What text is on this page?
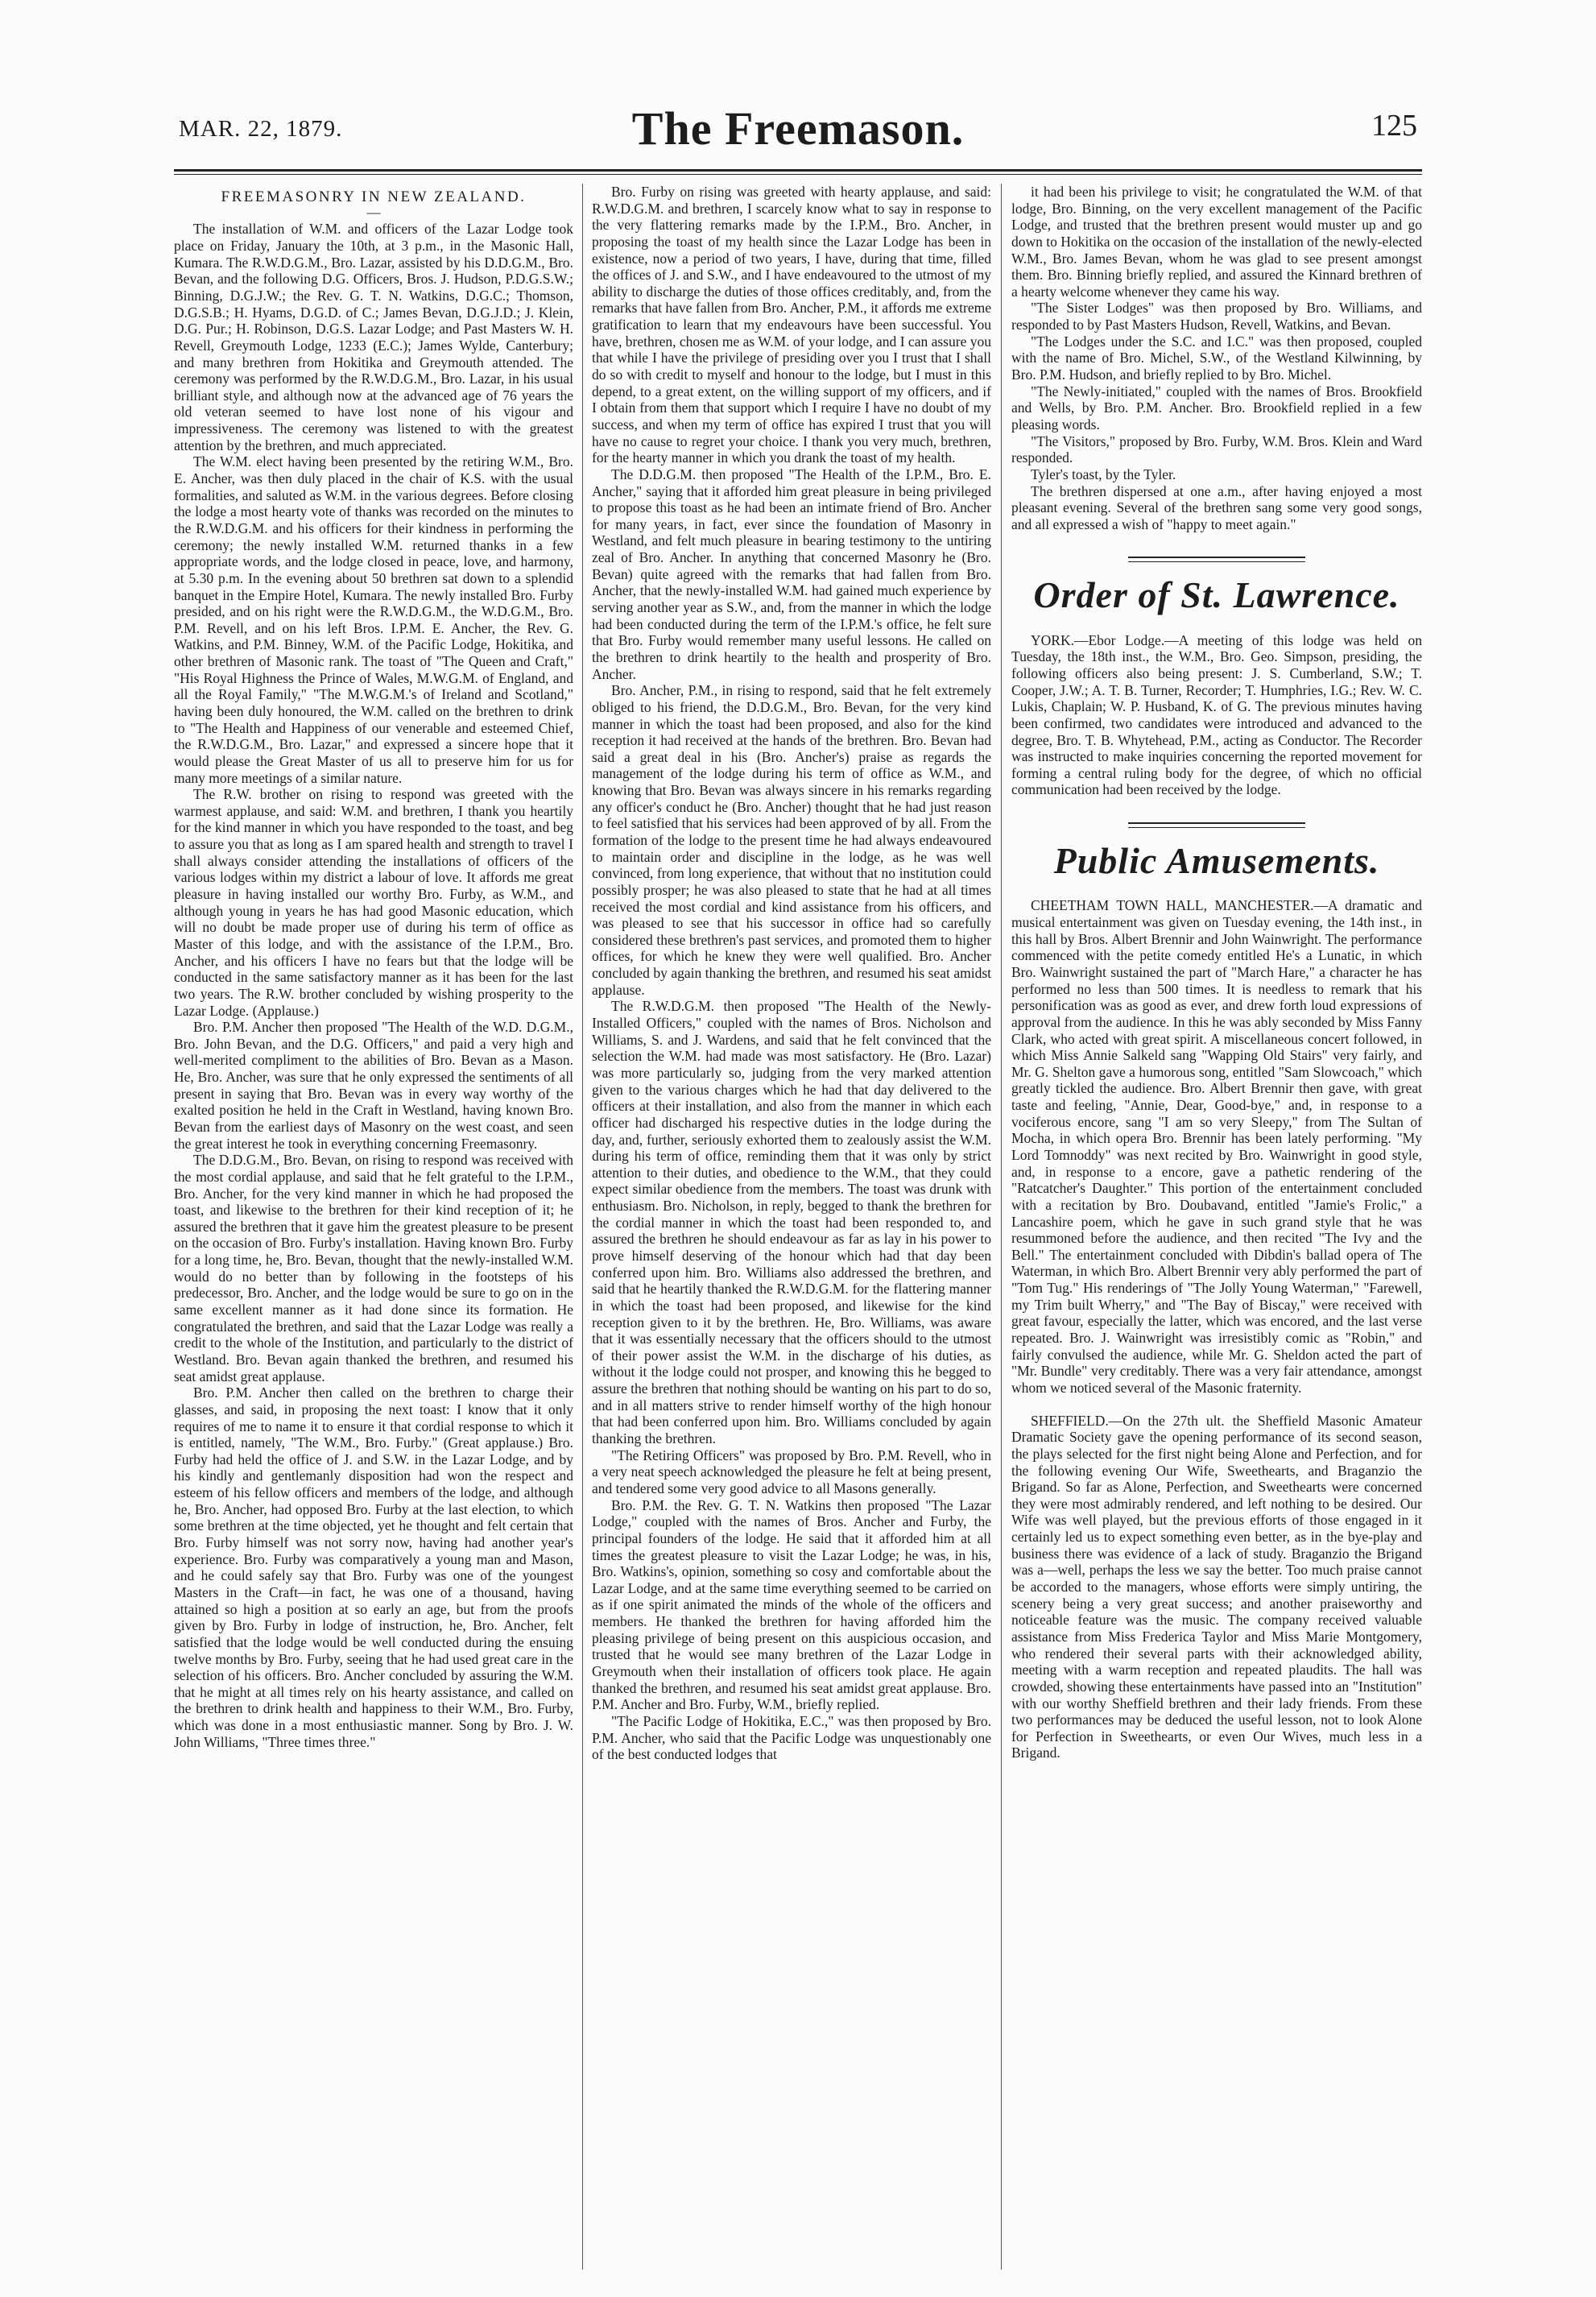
MAR. 22, 1879.	The Freemason.	125
FREEMASONRY IN NEW ZEALAND.
—

The installation of W.M. and officers of the Lazar Lodge took place on Friday, January the 10th, at 3 p.m., in the Masonic Hall, Kumara. The R.W.D.G.M., Bro. Lazar, assisted by his D.D.G.M., Bro. Bevan, and the following D.G. Officers, Bros. J. Hudson, P.D.G.S.W.; Binning, D.G.J.W.; the Rev. G. T. N. Watkins, D.G.C.; Thomson, D.G.S.B.; H. Hyams, D.G.D. of C.; James Bevan, D.G.J.D.; J. Klein, D.G. Pur.; H. Robinson, D.G.S. Lazar Lodge; and Past Masters W. H. Revell, Greymouth Lodge, 1233 (E.C.); James Wylde, Canterbury; and many brethren from Hokitika and Greymouth attended. The ceremony was performed by the R.W.D.G.M., Bro. Lazar, in his usual brilliant style, and although now at the advanced age of 76 years the old veteran seemed to have lost none of his vigour and impressiveness. The ceremony was listened to with the greatest attention by the brethren, and much appreciated.

The W.M. elect having been presented by the retiring W.M., Bro. E. Ancher, was then duly placed in the chair of K.S. with the usual formalities, and saluted as W.M. in the various degrees. Before closing the lodge a most hearty vote of thanks was recorded on the minutes to the R.W.D.G.M. and his officers for their kindness in performing the ceremony; the newly installed W.M. returned thanks in a few appropriate words, and the lodge closed in peace, love, and harmony, at 5.30 p.m. In the evening about 50 brethren sat down to a splendid banquet in the Empire Hotel, Kumara. The newly installed Bro. Furby presided, and on his right were the R.W.D.G.M., the W.D.G.M., Bro. P.M. Revell, and on his left Bros. I.P.M. E. Ancher, the Rev. G. Watkins, and P.M. Binney, W.M. of the Pacific Lodge, Hokitika, and other brethren of Masonic rank. The toast of "The Queen and Craft," "His Royal Highness the Prince of Wales, M.W.G.M. of England, and all the Royal Family," "The M.W.G.M.'s of Ireland and Scotland," having been duly honoured, the W.M. called on the brethren to drink to "The Health and Happiness of our venerable and esteemed Chief, the R.W.D.G.M., Bro. Lazar," and expressed a sincere hope that it would please the Great Master of us all to preserve him for us for many more meetings of a similar nature.

The R.W. brother on rising to respond was greeted with the warmest applause, and said: W.M. and brethren, I thank you heartily for the kind manner in which you have responded to the toast, and beg to assure you that as long as I am spared health and strength to travel I shall always consider attending the installations of officers of the various lodges within my district a labour of love. It affords me great pleasure in having installed our worthy Bro. Furby, as W.M., and although young in years he has had good Masonic education, which will no doubt be made proper use of during his term of office as Master of this lodge, and with the assistance of the I.P.M., Bro. Ancher, and his officers I have no fears but that the lodge will be conducted in the same satisfactory manner as it has been for the last two years. The R.W. brother concluded by wishing prosperity to the Lazar Lodge. (Applause.)

Bro. P.M. Ancher then proposed "The Health of the W.D. D.G.M., Bro. John Bevan, and the D.G. Officers," and paid a very high and well-merited compliment to the abilities of Bro. Bevan as a Mason. He, Bro. Ancher, was sure that he only expressed the sentiments of all present in saying that Bro. Bevan was in every way worthy of the exalted position he held in the Craft in Westland, having known Bro. Bevan from the earliest days of Masonry on the west coast, and seen the great interest he took in everything concerning Freemasonry.

The D.D.G.M., Bro. Bevan, on rising to respond was received with the most cordial applause, and said that he felt grateful to the I.P.M., Bro. Ancher, for the very kind manner in which he had proposed the toast, and likewise to the brethren for their kind reception of it; he assured the brethren that it gave him the greatest pleasure to be present on the occasion of Bro. Furby's installation. Having known Bro. Furby for a long time, he, Bro. Bevan, thought that the newly-installed W.M. would do no better than by following in the footsteps of his predecessor, Bro. Ancher, and the lodge would be sure to go on in the same excellent manner as it had done since its formation. He congratulated the brethren, and said that the Lazar Lodge was really a credit to the whole of the Institution, and particularly to the district of Westland. Bro. Bevan again thanked the brethren, and resumed his seat amidst great applause.

Bro. P.M. Ancher then called on the brethren to charge their glasses, and said, in proposing the next toast: I know that it only requires of me to name it to ensure it that cordial response to which it is entitled, namely, "The W.M., Bro. Furby." (Great applause.) Bro. Furby had held the office of J. and S.W. in the Lazar Lodge, and by his kindly and gentlemanly disposition had won the respect and esteem of his fellow officers and members of the lodge, and although he, Bro. Ancher, had opposed Bro. Furby at the last election, to which some brethren at the time objected, yet he thought and felt certain that Bro. Furby himself was not sorry now, having had another year's experience. Bro. Furby was comparatively a young man and Mason, and he could safely say that Bro. Furby was one of the youngest Masters in the Craft—in fact, he was one of a thousand, having attained so high a position at so early an age, but from the proofs given by Bro. Furby in lodge of instruction, he, Bro. Ancher, felt satisfied that the lodge would be well conducted during the ensuing twelve months by Bro. Furby, seeing that he had used great care in the selection of his officers. Bro. Ancher concluded by assuring the W.M. that he might at all times rely on his hearty assistance, and called on the brethren to drink health and happiness to their W.M., Bro. Furby, which was done in a most enthusiastic manner. Song by Bro. J. W. John Williams, "Three times three."

Bro. Furby on rising was greeted with hearty applause, and said: R.W.D.G.M. and brethren, I scarcely know what to say in response to the very flattering remarks made by the I.P.M., Bro. Ancher, in proposing the toast of my health since the Lazar Lodge has been in existence, now a period of two years, I have, during that time, filled the offices of J. and S.W., and I have endeavoured to the utmost of my ability to discharge the duties of those offices creditably, and, from the remarks that have fallen from Bro. Ancher, P.M., it affords me extreme gratification to learn that my endeavours have been successful. You have, brethren, chosen me as W.M. of your lodge, and I can assure you that while I have the privilege of presiding over you I trust that I shall do so with credit to myself and honour to the lodge, but I must in this depend, to a great extent, on the willing support of my officers, and if I obtain from them that support which I require I have no doubt of my success, and when my term of office has expired I trust that you will have no cause to regret your choice. I thank you very much, brethren, for the hearty manner in which you drank the toast of my health.

The D.D.G.M. then proposed "The Health of the I.P.M., Bro. E. Ancher," saying that it afforded him great pleasure in being privileged to propose this toast as he had been an intimate friend of Bro. Ancher for many years, in fact, ever since the foundation of Masonry in Westland, and felt much pleasure in bearing testimony to the untiring zeal of Bro. Ancher. In anything that concerned Masonry he (Bro. Bevan) quite agreed with the remarks that had fallen from Bro. Ancher, that the newly-installed W.M. had gained much experience by serving another year as S.W., and, from the manner in which the lodge had been conducted during the term of the I.P.M.'s office, he felt sure that Bro. Furby would remember many useful lessons. He called on the brethren to drink heartily to the health and prosperity of Bro. Ancher.

Bro. Ancher, P.M., in rising to respond, said that he felt extremely obliged to his friend, the D.D.G.M., Bro. Bevan, for the very kind manner in which the toast had been proposed, and also for the kind reception it had received at the hands of the brethren. Bro. Bevan had said a great deal in his (Bro. Ancher's) praise as regards the management of the lodge during his term of office as W.M., and knowing that Bro. Bevan was always sincere in his remarks regarding any officer's conduct he (Bro. Ancher) thought that he had just reason to feel satisfied that his services had been approved of by all. From the formation of the lodge to the present time he had always endeavoured to maintain order and discipline in the lodge, as he was well convinced, from long experience, that without that no institution could possibly prosper; he was also pleased to state that he had at all times received the most cordial and kind assistance from his officers, and was pleased to see that his successor in office had so carefully considered these brethren's past services, and promoted them to higher offices, for which he knew they were well qualified. Bro. Ancher concluded by again thanking the brethren, and resumed his seat amidst applause.

The R.W.D.G.M. then proposed "The Health of the Newly-Installed Officers," coupled with the names of Bros. Nicholson and Williams, S. and J. Wardens, and said that he felt convinced that the selection the W.M. had made was most satisfactory. He (Bro. Lazar) was more particularly so, judging from the very marked attention given to the various charges which he had that day delivered to the officers at their installation, and also from the manner in which each officer had discharged his respective duties in the lodge during the day, and, further, seriously exhorted them to zealously assist the W.M. during his term of office, reminding them that it was only by strict attention to their duties, and obedience to the W.M., that they could expect similar obedience from the members. The toast was drunk with enthusiasm. Bro. Nicholson, in reply, begged to thank the brethren for the cordial manner in which the toast had been responded to, and assured the brethren he should endeavour as far as lay in his power to prove himself deserving of the honour which had that day been conferred upon him. Bro. Williams also addressed the brethren, and said that he heartily thanked the R.W.D.G.M. for the flattering manner in which the toast had been proposed, and likewise for the kind reception given to it by the brethren. He, Bro. Williams, was aware that it was essentially necessary that the officers should to the utmost of their power assist the W.M. in the discharge of his duties, as without it the lodge could not prosper, and knowing this he begged to assure the brethren that nothing should be wanting on his part to do so, and in all matters strive to render himself worthy of the high honour that had been conferred upon him. Bro. Williams concluded by again thanking the brethren.

"The Retiring Officers" was proposed by Bro. P.M. Revell, who in a very neat speech acknowledged the pleasure he felt at being present, and tendered some very good advice to all Masons generally.

Bro. P.M. the Rev. G. T. N. Watkins then proposed "The Lazar Lodge," coupled with the names of Bros. Ancher and Furby, the principal founders of the lodge. He said that it afforded him at all times the greatest pleasure to visit the Lazar Lodge; he was, in his, Bro. Watkins's, opinion, something so cosy and comfortable about the Lazar Lodge, and at the same time everything seemed to be carried on as if one spirit animated the minds of the whole of the officers and members. He thanked the brethren for having afforded him the pleasing privilege of being present on this auspicious occasion, and trusted that he would see many brethren of the Lazar Lodge in Greymouth when their installation of officers took place. He again thanked the brethren, and resumed his seat amidst great applause. Bro. P.M. Ancher and Bro. Furby, W.M., briefly replied.

"The Pacific Lodge of Hokitika, E.C.," was then proposed by Bro. P.M. Ancher, who said that the Pacific Lodge was unquestionably one of the best conducted lodges that

it had been his privilege to visit; he congratulated the W.M. of that lodge, Bro. Binning, on the very excellent management of the Pacific Lodge, and trusted that the brethren present would muster up and go down to Hokitika on the occasion of the installation of the newly-elected W.M., Bro. James Bevan, whom he was glad to see present amongst them. Bro. Binning briefly replied, and assured the Kinnard brethren of a hearty welcome whenever they came his way.

"The Sister Lodges" was then proposed by Bro. Williams, and responded to by Past Masters Hudson, Revell, Watkins, and Bevan.

"The Lodges under the S.C. and I.C." was then proposed, coupled with the name of Bro. Michel, S.W., of the Westland Kilwinning, by Bro. P.M. Hudson, and briefly replied to by Bro. Michel.

"The Newly-initiated," coupled with the names of Bros. Brookfield and Wells, by Bro. P.M. Ancher. Bro. Brookfield replied in a few pleasing words.

"The Visitors," proposed by Bro. Furby, W.M. Bros. Klein and Ward responded.

Tyler's toast, by the Tyler.

The brethren dispersed at one a.m., after having enjoyed a most pleasant evening. Several of the brethren sang some very good songs, and all expressed a wish of "happy to meet again."

Order of St. Lawrence.

YORK.—Ebor Lodge.—A meeting of this lodge was held on Tuesday, the 18th inst., the W.M., Bro. Geo. Simpson, presiding, the following officers also being present: J. S. Cumberland, S.W.; T. Cooper, J.W.; A. T. B. Turner, Recorder; T. Humphries, I.G.; Rev. W. C. Lukis, Chaplain; W. P. Husband, K. of G. The previous minutes having been confirmed, two candidates were introduced and advanced to the degree, Bro. T. B. Whytehead, P.M., acting as Conductor. The Recorder was instructed to make inquiries concerning the reported movement for forming a central ruling body for the degree, of which no official communication had been received by the lodge.

Public Amusements.

CHEETHAM TOWN HALL, MANCHESTER.—A dramatic and musical entertainment was given on Tuesday evening, the 14th inst., in this hall by Bros. Albert Brennir and John Wainwright. The performance commenced with the petite comedy entitled He's a Lunatic, in which Bro. Wainwright sustained the part of "March Hare," a character he has performed no less than 500 times. It is needless to remark that his personification was as good as ever, and drew forth loud expressions of approval from the audience. In this he was ably seconded by Miss Fanny Clark, who acted with great spirit. A miscellaneous concert followed, in which Miss Annie Salkeld sang "Wapping Old Stairs" very fairly, and Mr. G. Shelton gave a humorous song, entitled "Sam Slowcoach," which greatly tickled the audience. Bro. Albert Brennir then gave, with great taste and feeling, "Annie, Dear, Good-bye," and, in response to a vociferous encore, sang "I am so very Sleepy," from The Sultan of Mocha, in which opera Bro. Brennir has been lately performing. "My Lord Tomnoddy" was next recited by Bro. Wainwright in good style, and, in response to a encore, gave a pathetic rendering of the "Ratcatcher's Daughter." This portion of the entertainment concluded with a recitation by Bro. Doubavand, entitled "Jamie's Frolic," a Lancashire poem, which he gave in such grand style that he was resummoned before the audience, and then recited "The Ivy and the Bell." The entertainment concluded with Dibdin's ballad opera of The Waterman, in which Bro. Albert Brennir very ably performed the part of "Tom Tug." His renderings of "The Jolly Young Waterman," "Farewell, my Trim built Wherry," and "The Bay of Biscay," were received with great favour, especially the latter, which was encored, and the last verse repeated. Bro. J. Wainwright was irresistibly comic as "Robin," and fairly convulsed the audience, while Mr. G. Sheldon acted the part of "Mr. Bundle" very creditably. There was a very fair attendance, amongst whom we noticed several of the Masonic fraternity.

SHEFFIELD.—On the 27th ult. the Sheffield Masonic Amateur Dramatic Society gave the opening performance of its second season, the plays selected for the first night being Alone and Perfection, and for the following evening Our Wife, Sweethearts, and Braganzio the Brigand. So far as Alone, Perfection, and Sweethearts were concerned they were most admirably rendered, and left nothing to be desired. Our Wife was well played, but the previous efforts of those engaged in it certainly led us to expect something even better, as in the bye-play and business there was evidence of a lack of study. Braganzio the Brigand was a—well, perhaps the less we say the better. Too much praise cannot be accorded to the managers, whose efforts were simply untiring, the scenery being a very great success; and another praiseworthy and noticeable feature was the music. The company received valuable assistance from Miss Frederica Taylor and Miss Marie Montgomery, who rendered their several parts with their acknowledged ability, meeting with a warm reception and repeated plaudits. The hall was crowded, showing these entertainments have passed into an "Institution" with our worthy Sheffield brethren and their lady friends. From these two performances may be deduced the useful lesson, not to look Alone for Perfection in Sweethearts, or even Our Wives, much less in a Brigand.
